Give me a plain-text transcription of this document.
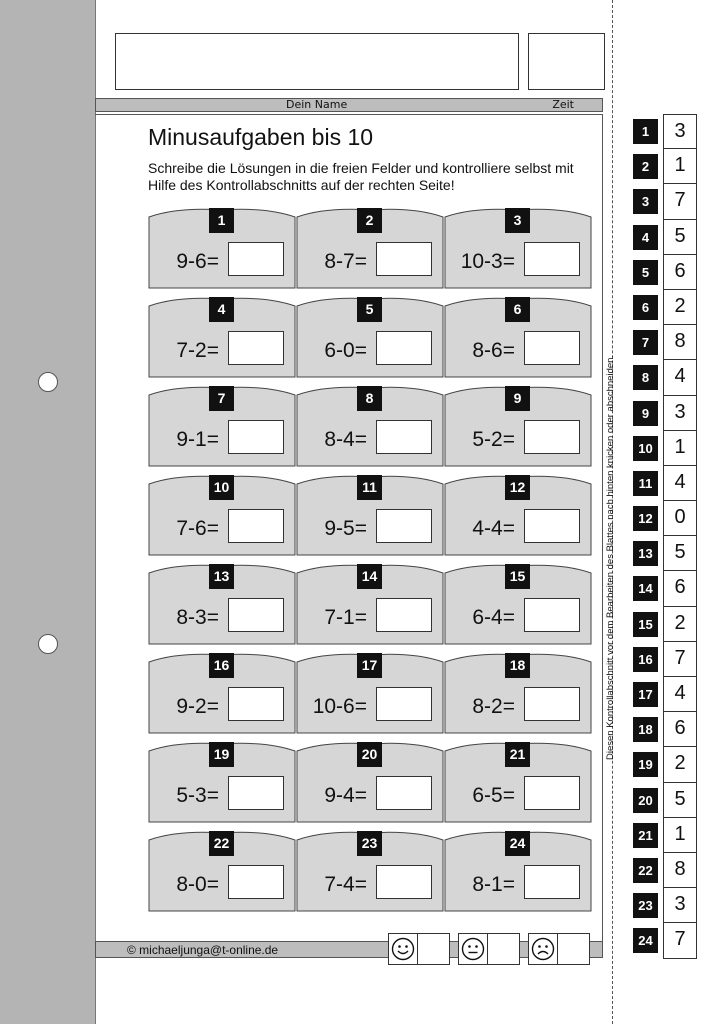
Dein Name	Zeit
Minusaufgaben bis 10
Schreibe die Lösungen in die freien Felder und kontrolliere selbst mit Hilfe des Kontrollabschnitts auf der rechten Seite!
1
9-6=
2
8-7=
3
10-3=
4
7-2=
5
6-0=
6
8-6=
7
9-1=
8
8-4=
9
5-2=
10
7-6=
11
9-5=
12
4-4=
13
8-3=
14
7-1=
15
6-4=
16
9-2=
17
10-6=
18
8-2=
19
5-3=
20
9-4=
21
6-5=
22
8-0=
23
7-4=
24
8-1=
© michaeljunga@t-online.de
Diesen Kontrollabschnitt vor dem Bearbeiten des Blattes nach hinten knicken oder abschneiden.
1	3
2	1
3	7
4	5
5	6
6	2
7	8
8	4
9	3
10	1
11	4
12	0
13	5
14	6
15	2
16	7
17	4
18	6
19	2
20	5
21	1
22	8
23	3
24	7
